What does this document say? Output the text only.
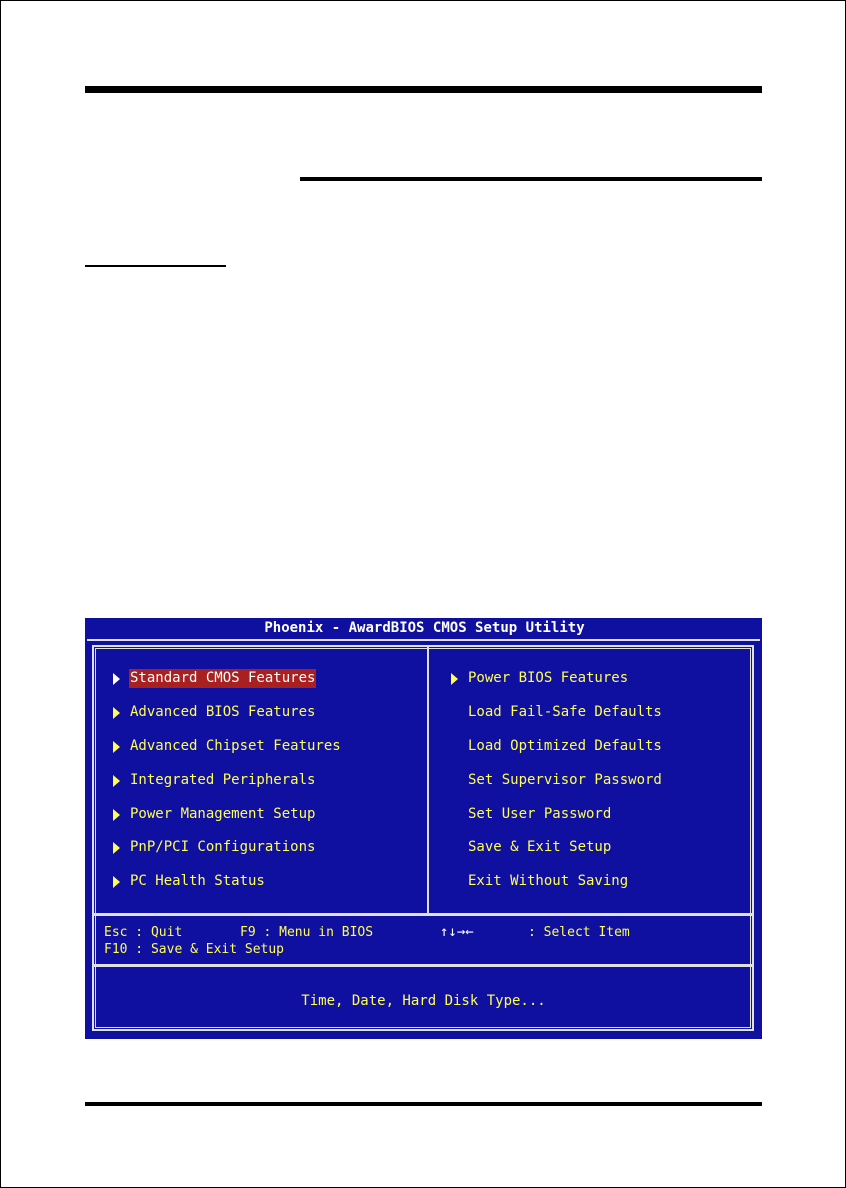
Phoenix - AwardBIOS CMOS Setup Utility
Standard CMOS Features
Advanced BIOS Features
Advanced Chipset Features
Integrated Peripherals
Power Management Setup
PnP/PCI Configurations
PC Health Status
Power BIOS Features
Load Fail-Safe Defaults
Load Optimized Defaults
Set Supervisor Password
Set User Password
Save & Exit Setup
Exit Without Saving
Esc : Quit	F9 : Menu in BIOS	↑↓→←	: Select Item
F10 : Save & Exit Setup
Time, Date, Hard Disk Type...
